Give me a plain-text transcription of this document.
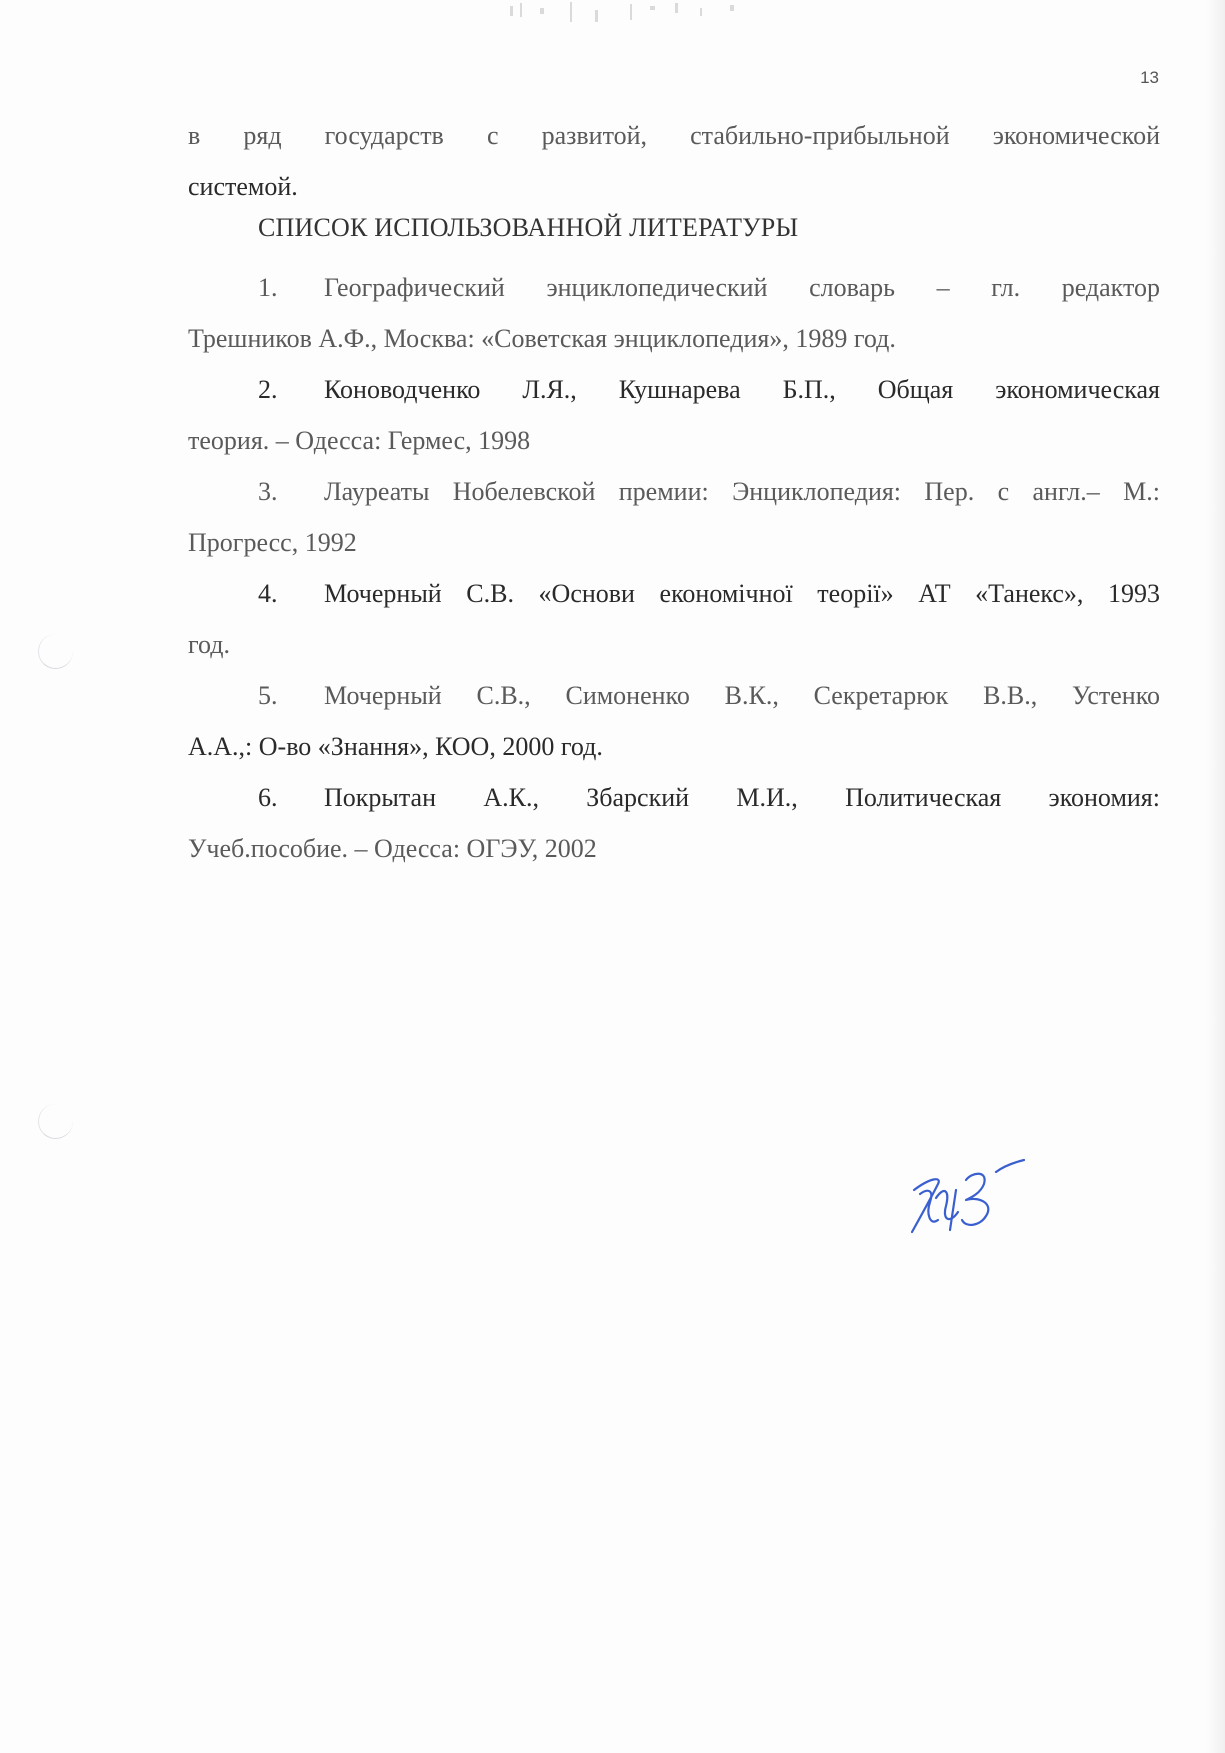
13
в ряд государств с развитой, стабильно-прибыльной экономической
системой.
СПИСОК ИСПОЛЬЗОВАННОЙ ЛИТЕРАТУРЫ
1. Географический энциклопедический словарь – гл. редактор
Трешников А.Ф., Москва: «Советская энциклопедия», 1989 год.
2. Коноводченко Л.Я., Кушнарева Б.П., Общая экономическая
теория. – Одесса: Гермес, 1998
3. Лауреаты Нобелевской премии: Энциклопедия: Пер. с англ.– М.:
Прогресс, 1992
4. Мочерный С.В. «Основи економічної теорії» АТ «Танекс», 1993
год.
5. Мочерный С.В., Симоненко В.К., Секретарюк В.В., Устенко
А.А.,: О-во «Знання», КОО, 2000 год.
6. Покрытан А.К., Збарский М.И., Политическая экономия:
Учеб.пособие. – Одесса: ОГЭУ, 2002
